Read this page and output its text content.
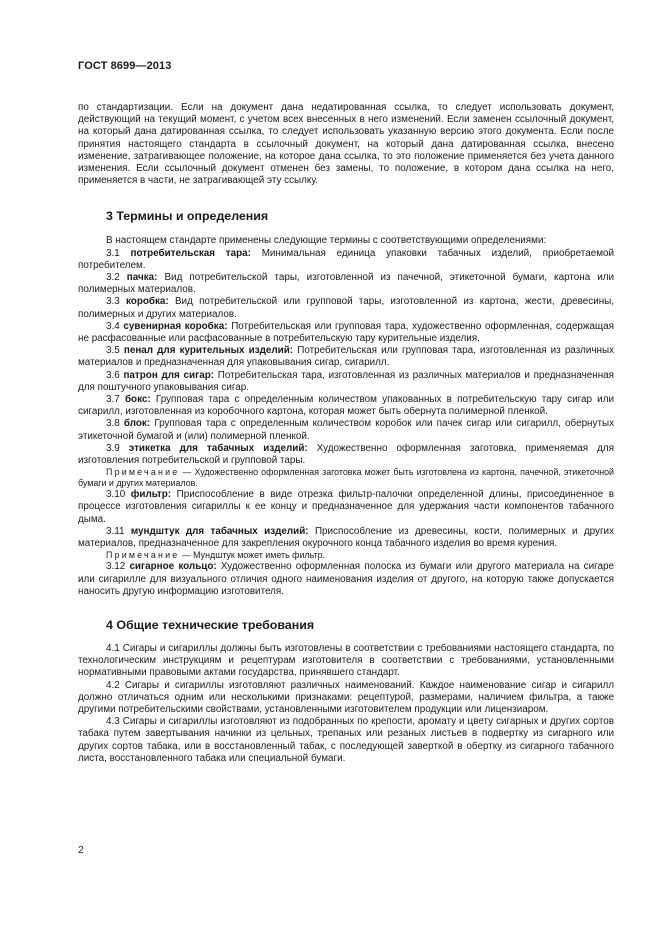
ГОСТ 8699—2013

по стандартизации. Если на документ дана недатированная ссылка, то следует использовать документ, действующий на текущий момент, с учетом всех внесенных в него изменений. Если заменен ссылочный документ, на который дана датированная ссылка, то следует использовать указанную версию этого документа. Если после принятия настоящего стандарта в ссылочный документ, на который дана датированная ссылка, внесено изменение, затрагивающее положение, на которое дана ссылка, то это положение применяется без учета данного изменения. Если ссылочный документ отменен без замены, то положение, в котором дана ссылка на него, применяется в части, не затрагивающей эту ссылку.

3 Термины и определения

В настоящем стандарте применены следующие термины с соответствующими определениями:

3.1 потребительская тара: Минимальная единица упаковки табачных изделий, приобретаемой потребителем.

3.2 пачка: Вид потребительской тары, изготовленной из пачечной, этикеточной бумаги, картона или полимерных материалов.

3.3 коробка: Вид потребительской или групповой тары, изготовленной из картона, жести, древесины, полимерных и других материалов.

3.4 сувенирная коробка: Потребительская или групповая тара, художественно оформленная, содержащая не расфасованные или расфасованные в потребительскую тару курительные изделия.

3.5 пенал для курительных изделий: Потребительская или групповая тара, изготовленная из различных материалов и предназначенная для упаковывания сигар, сигарилл.

3.6 патрон для сигар: Потребительская тара, изготовленная из различных материалов и предназначенная для поштучного упаковывания сигар.

3.7 бокс: Групповая тара с определенным количеством упакованных в потребительскую тару сигар или сигарилл, изготовленная из коробочного картона, которая может быть обернута полимерной пленкой.

3.8 блок: Групповая тара с определенным количеством коробок или пачек сигар или сигарилл, обернутых этикеточной бумагой и (или) полимерной пленкой.

3.9 этикетка для табачных изделий: Художественно оформленная заготовка, применяемая для изготовления потребительской и групповой тары.

Примечание — Художественно оформленная заготовка может быть изготовлена из картона, пачечной, этикеточной бумаги и других материалов.

3.10 фильтр: Приспособление в виде отрезка фильтр-палочки определенной длины, присоединенное в процессе изготовления сигариллы к ее концу и предназначенное для удержания части компонентов табачного дыма.

3.11 мундштук для табачных изделий: Приспособление из древесины, кости, полимерных и других материалов, предназначенное для закрепления окурочного конца табачного изделия во время курения.

Примечание — Мундштук может иметь фильтр.

3.12 сигарное кольцо: Художественно оформленная полоска из бумаги или другого материала на сигаре или сигарилле для визуального отличия одного наименования изделия от другого, на которую также допускается наносить другую информацию изготовителя.

4 Общие технические требования

4.1 Сигары и сигариллы должны быть изготовлены в соответствии с требованиями настоящего стандарта, по технологическим инструкциям и рецептурам изготовителя в соответствии с требованиями, установленными нормативными правовыми актами государства, принявшего стандарт.

4.2 Сигары и сигариллы изготовляют различных наименований. Каждое наименование сигар и сигарилл должно отличаться одним или несколькими признаками: рецептурой, размерами, наличием фильтра, а также другими потребительскими свойствами, установленными изготовителем продукции или лицензиаром.

4.3 Сигары и сигариллы изготовляют из подобранных по крепости, аромату и цвету сигарных и других сортов табака путем завертывания начинки из цельных, трепаных или резаных листьев в подвертку из сигарного или других сортов табака, или в восстановленный табак, с последующей заверткой в обертку из сигарного табачного листа, восстановленного табака или специальной бумаги.

2
